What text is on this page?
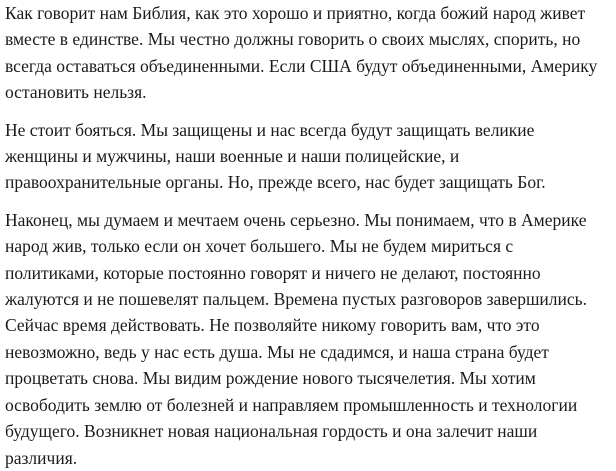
Как говорит нам Библия, как это хорошо и приятно, когда божий народ живет
вместе в единстве. Мы честно должны говорить о своих мыслях, спорить, но
всегда оставаться объединенными. Если США будут объединенными, Америку
остановить нельзя.

Не стоит бояться. Мы защищены и нас всегда будут защищать великие
женщины и мужчины, наши военные и наши полицейские, и
правоохранительные органы. Но, прежде всего, нас будет защищать Бог.

Наконец, мы думаем и мечтаем очень серьезно. Мы понимаем, что в Америке
народ жив, только если он хочет большего. Мы не будем мириться с
политиками, которые постоянно говорят и ничего не делают, постоянно
жалуются и не пошевелят пальцем. Времена пустых разговоров завершились.
Сейчас время действовать. Не позволяйте никому говорить вам, что это
невозможно, ведь у нас есть душа. Мы не сдадимся, и наша страна будет
процветать снова. Мы видим рождение нового тысячелетия. Мы хотим
освободить землю от болезней и направляем промышленность и технологии
будущего. Возникнет новая национальная гордость и она залечит наши
различия.
